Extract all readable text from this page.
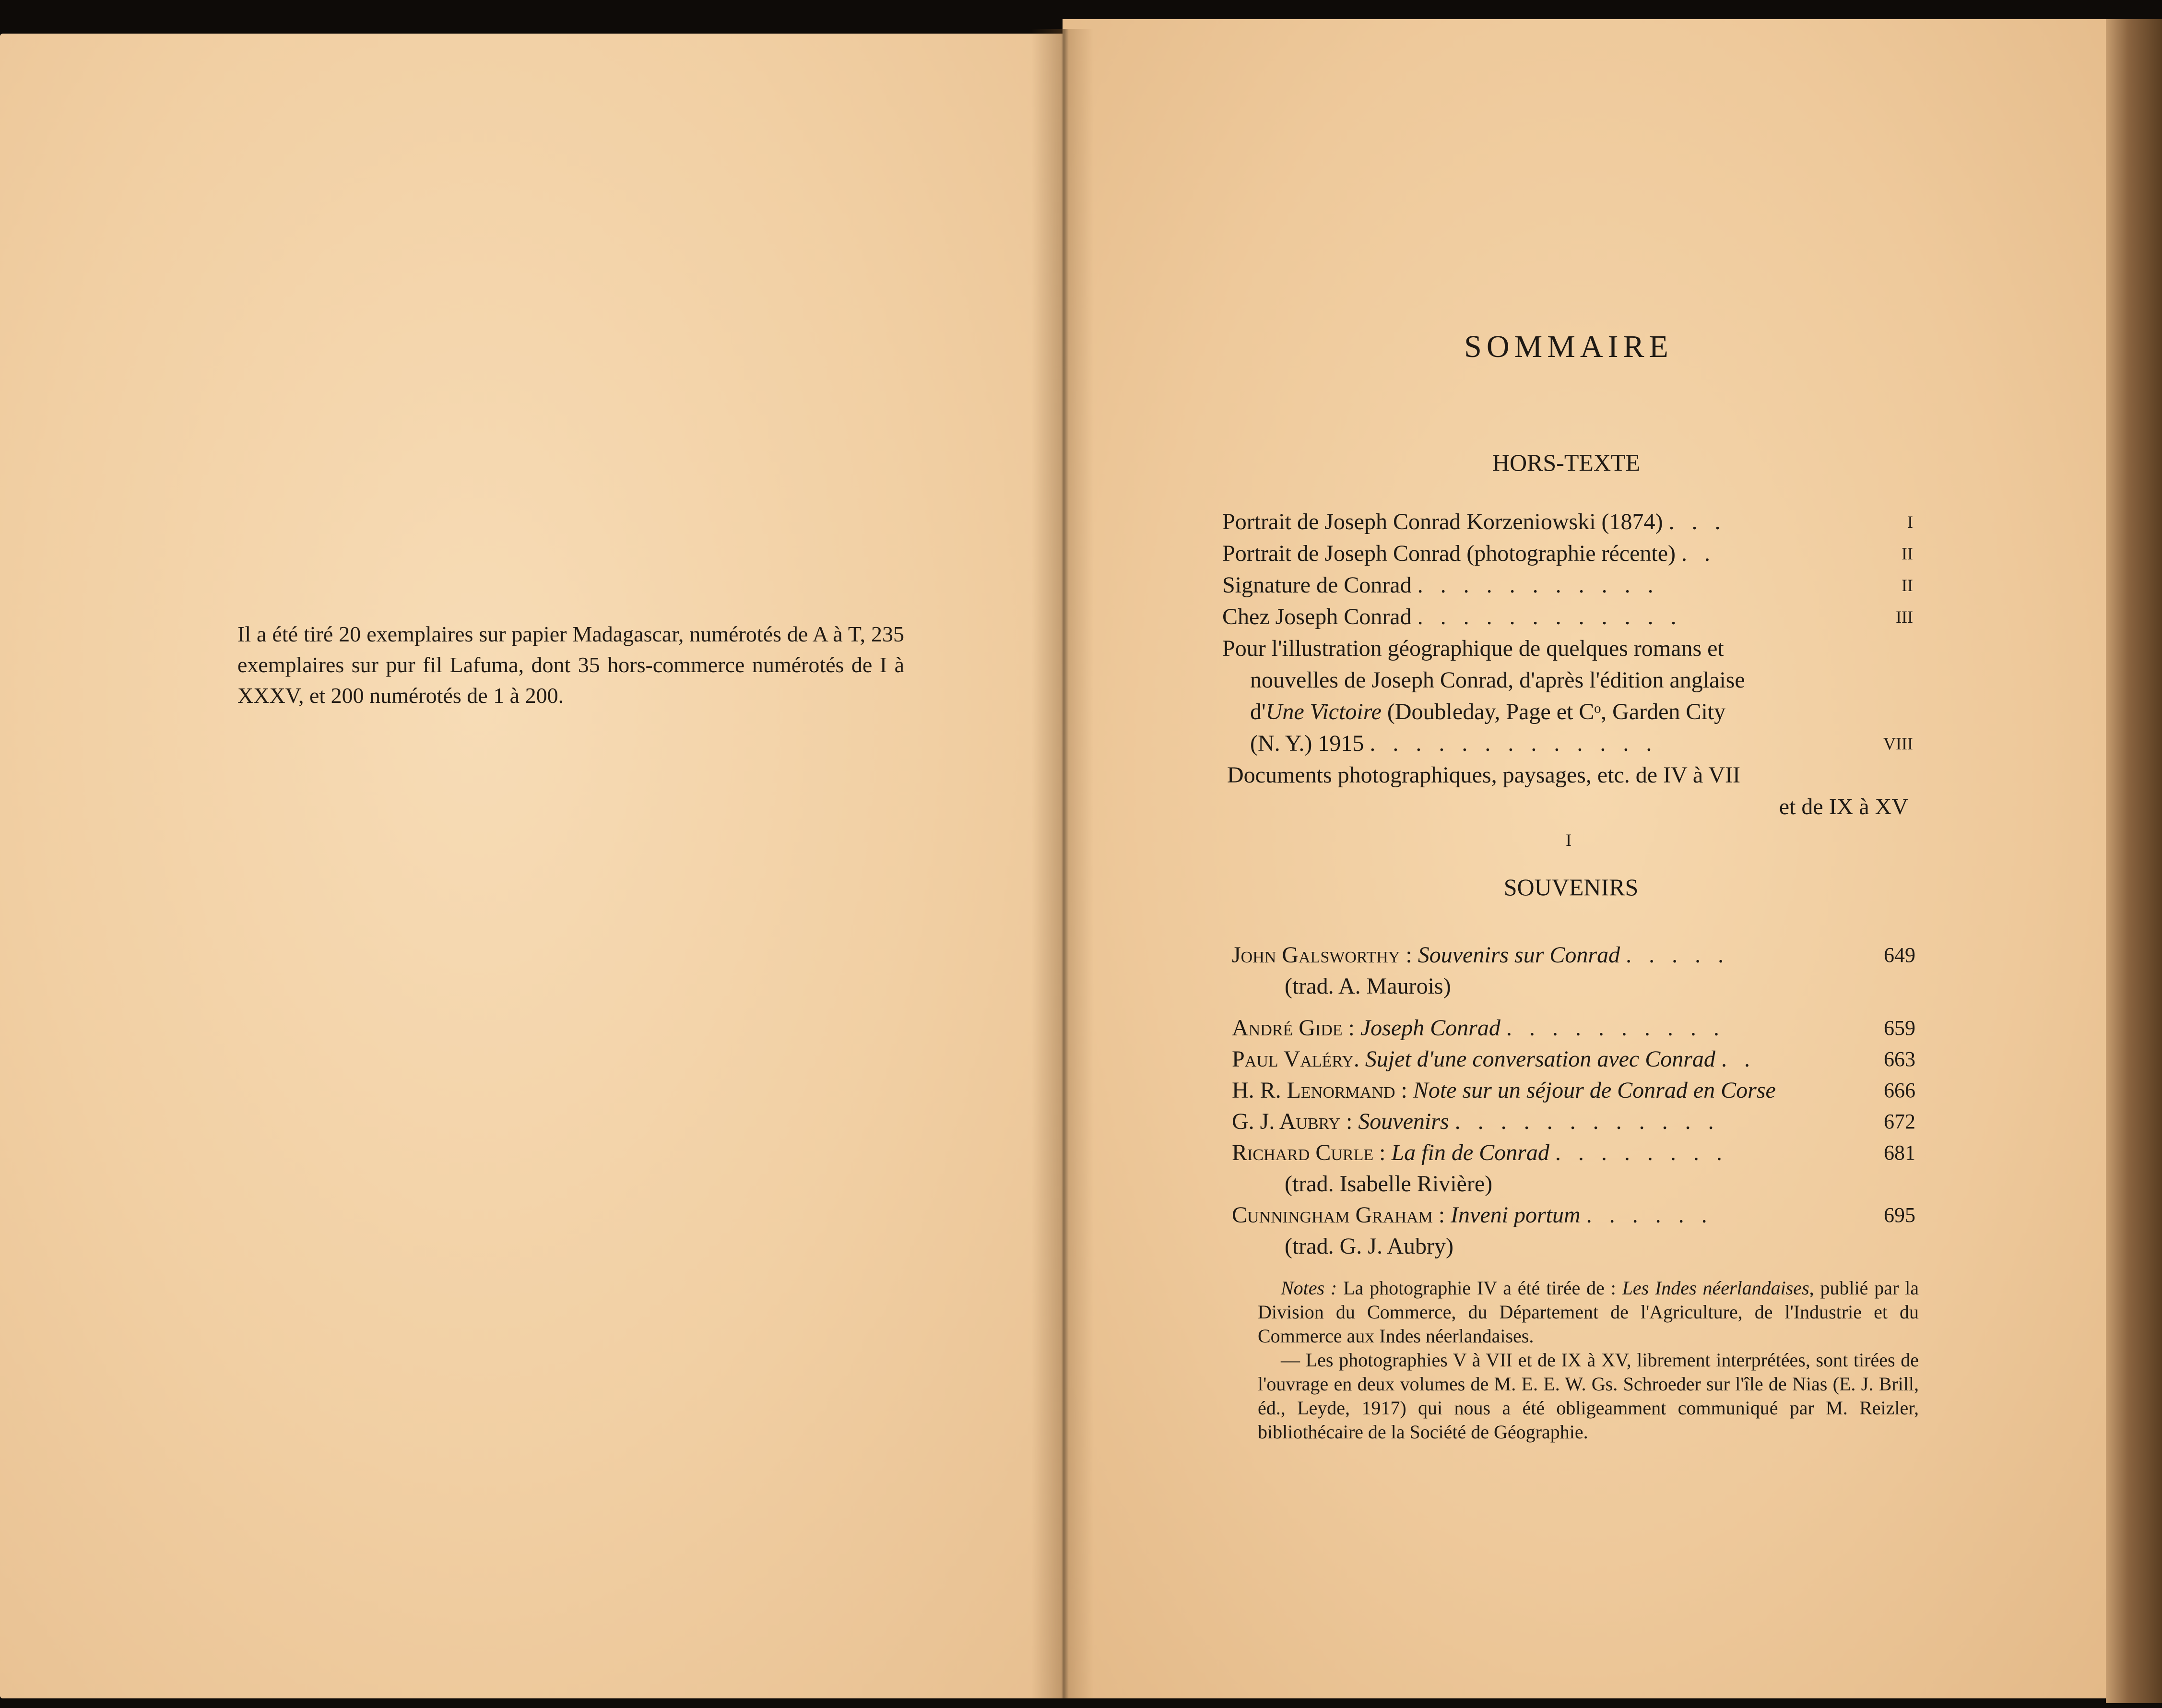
Il a été tiré 20 exemplaires sur papier Madagascar, numérotés de A à T, 235 exemplaires sur pur fil Lafuma, dont 35 hors-commerce numérotés de I à XXXV, et 200 numérotés de 1 à 200.
SOMMAIRE
HORS-TEXTE
Portrait de Joseph Conrad Korzeniowski (1874) . . .	I
Portrait de Joseph Conrad (photographie récente) . .	II
Signature de Conrad . . . . . . . . . . .	II
Chez Joseph Conrad . . . . . . . . . . . .	III
Pour l'illustration géographique de quelques romans et
nouvelles de Joseph Conrad, d'après l'édition anglaise
d'Une Victoire (Doubleday, Page et Cᵒ, Garden City
(N. Y.) 1915 . . . . . . . . . . . . .	VIII
Documents photographiques, paysages, etc. de IV à VII
et de IX à XV
I
SOUVENIRS
John Galsworthy : Souvenirs sur Conrad . . . . .	649
(trad. A. Maurois)
André Gide : Joseph Conrad . . . . . . . . . .	659
Paul Valéry. Sujet d'une conversation avec Conrad . .	663
H. R. Lenormand : Note sur un séjour de Conrad en Corse	666
G. J. Aubry : Souvenirs . . . . . . . . . . . .	672
Richard Curle : La fin de Conrad . . . . . . . .	681
(trad. Isabelle Rivière)
Cunningham Graham : Inveni portum . . . . . .	695
(trad. G. J. Aubry)

Notes : La photographie IV a été tirée de : Les Indes néerlandaises, publié par la Division du Commerce, du Département de l'Agriculture, de l'Industrie et du Commerce aux Indes néerlandaises.

— Les photographies V à VII et de IX à XV, librement interprétées, sont tirées de l'ouvrage en deux volumes de M. E. E. W. Gs. Schroeder sur l'île de Nias (E. J. Brill, éd., Leyde, 1917) qui nous a été obligeamment communiqué par M. Reizler, bibliothécaire de la Société de Géographie.
